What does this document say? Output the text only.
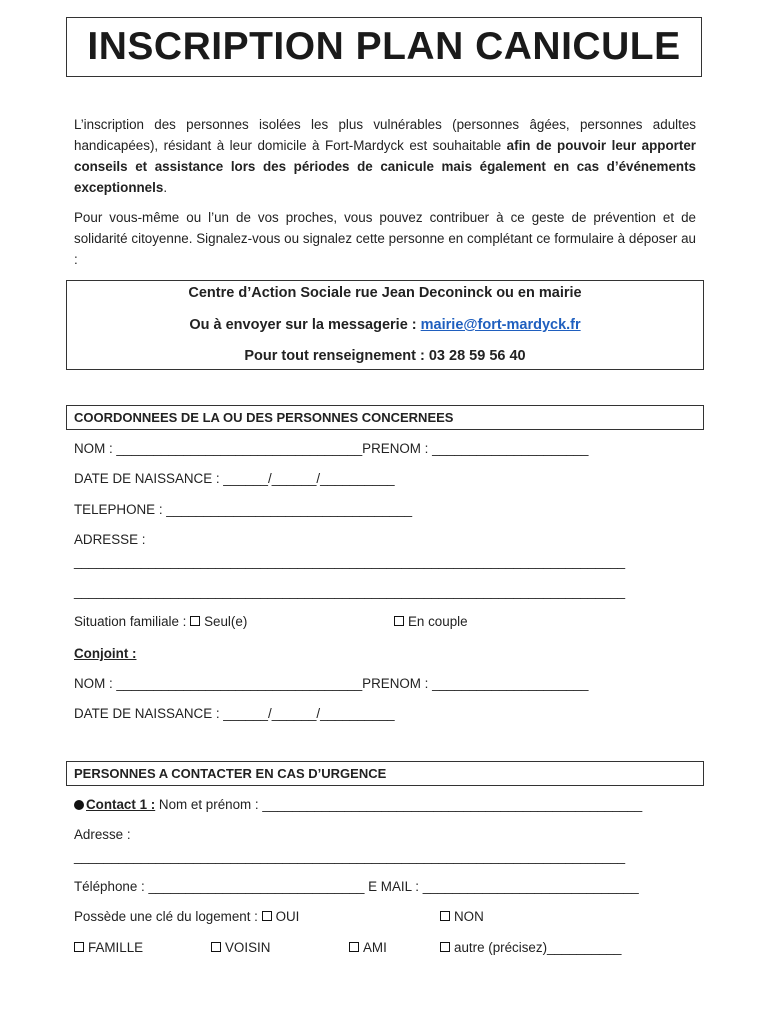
INSCRIPTION PLAN CANICULE

L’inscription des personnes isolées les plus vulnérables (personnes âgées, personnes adultes handicapées), résidant à leur domicile à Fort-Mardyck est souhaitable afin de pouvoir leur apporter conseils et assistance lors des périodes de canicule mais également en cas d’événements exceptionnels.

Pour vous-même ou l’un de vos proches, vous pouvez contribuer à ce geste de prévention et de solidarité citoyenne. Signalez-vous ou signalez cette personne en complétant ce formulaire à déposer au :

Centre d’Action Sociale rue Jean Deconinck ou en mairie
Ou à envoyer sur la messagerie : mairie@fort-mardyck.fr
Pour tout renseignement : 03 28 59 56 40
COORDONNEES DE LA OU DES PERSONNES CONCERNEES
NOM : _________________________________PRENOM : _____________________
DATE DE NAISSANCE : ______/______/__________
TELEPHONE : _________________________________
ADRESSE :
__________________________________________________________________________
__________________________________________________________________________
Situation familiale : Seul(e)	En couple
Conjoint :
NOM : _________________________________PRENOM : _____________________
DATE DE NAISSANCE : ______/______/__________
PERSONNES A CONTACTER EN CAS D’URGENCE
Contact 1 : Nom et prénom : ___________________________________________________
Adresse :
__________________________________________________________________________
Téléphone : _____________________________ E MAIL : _____________________________
Possède une clé du logement : OUI	NON
FAMILLE	VOISIN	AMI	autre (précisez)__________
